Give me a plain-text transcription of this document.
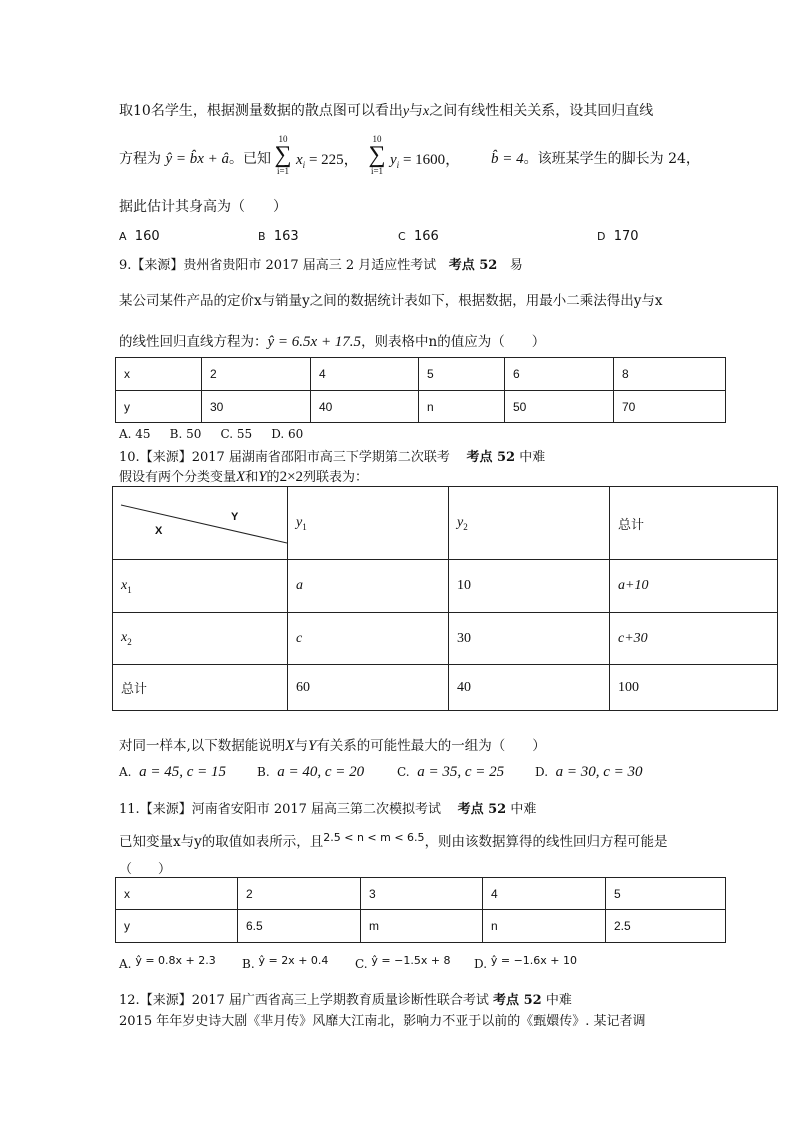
取10名学生，根据测量数据的散点图可以看出y与x之间有线性相关关系，设其回归直线
方程为 ŷ = b̂x + â。已知
10
∑
i=1
$x_i = 225$，
10
∑
i=1
$y_i = 1600$， b̂ = 4。该班某学生的脚长为 24，
据此估计其身高为（　　）
A 160	B 163	C 166	D 170
9.【来源】贵州省贵阳市 2017 届高三 2 月适应性考试 考点 52 易
某公司某件产品的定价x与销量y之间的数据统计表如下，根据数据，用最小二乘法得出y与x
的线性回归直线方程为：ŷ = 6.5x + 17.5，则表格中n的值应为（　　）
x	2	4	5	6	8
y	30	40	n	50	70
A. 45 B. 50 C. 55 D. 60
10.【来源】2017 届湖南省邵阳市高三下学期第二次联考 考点 52 中难
假设有两个分类变量X和Y的2×2列联表为：
Y
X	$y_1$	$y_2$	总计
$x_1$	a	10	a+10
$x_2$	c	30	c+30
总计	60	40	100
对同一样本,以下数据能说明X与Y有关系的可能性最大的一组为（　　）
A. a = 45, c = 15	B. a = 40, c = 20	C. a = 35, c = 25	D. a = 30, c = 30
11.【来源】河南省安阳市 2017 届高三第二次模拟考试 考点 52 中难
已知变量x与y的取值如表所示，且$^{2.5 < n < m < 6.5}$，则由该数据算得的线性回归方程可能是
（　　）
x	2	3	4	5
y	6.5	m	n	2.5
A. ŷ = 0.8x + 2.3 B. ŷ = 2x + 0.4 C. ŷ = −1.5x + 8 D. ŷ = −1.6x + 10
12.【来源】2017 届广西省高三上学期教育质量诊断性联合考试 考点 52 中难
2015 年年岁史诗大剧《芈月传》风靡大江南北，影响力不亚于以前的《甄嬛传》. 某记者调
